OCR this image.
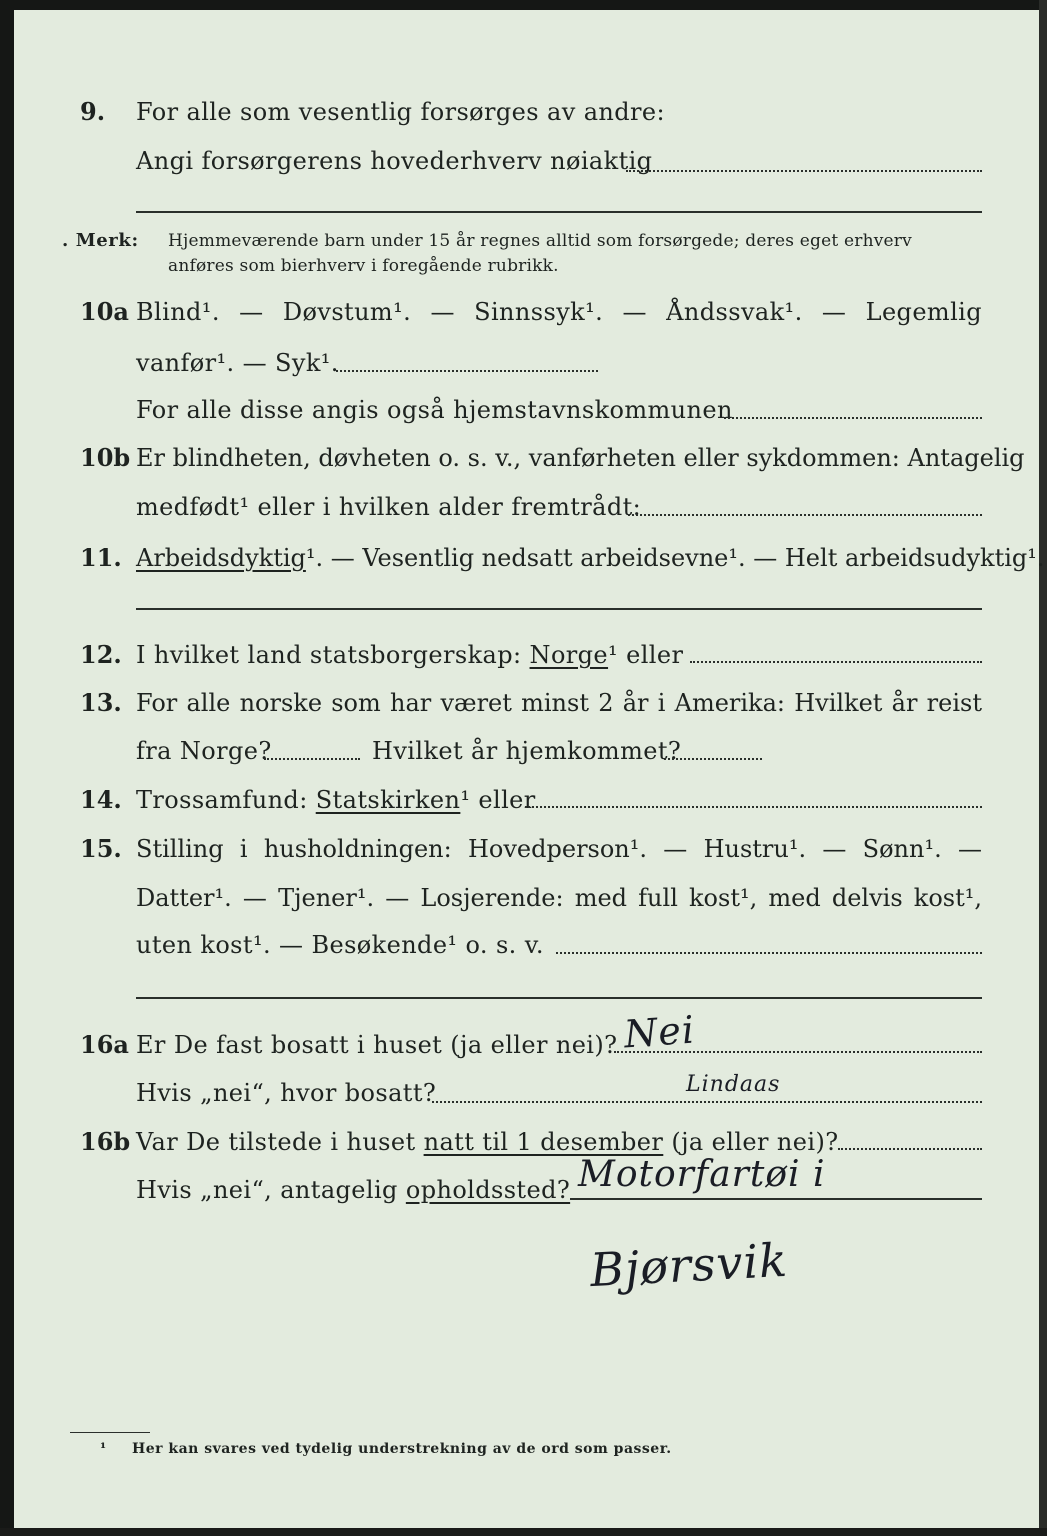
9. For alle som vesentlig forsørges av andre:
Angi forsørgerens hovederhverv nøiaktig
. Merk: Hjemmeværende barn under 15 år regnes alltid som forsørgede; deres eget erhverv
anføres som bierhverv i foregående rubrikk.
10a Blind¹. — Døvstum¹. — Sinnssyk¹. — Åndssvak¹. — Legemlig
vanfør¹. — Syk¹.
For alle disse angis også hjemstavnskommunen
10b Er blindheten, døvheten o. s. v., vanførheten eller sykdommen: Antagelig
medfødt¹ eller i hvilken alder fremtrådt:
11. Arbeidsdyktig¹. — Vesentlig nedsatt arbeidsevne¹. — Helt arbeidsudyktig¹.
12. I hvilket land statsborgerskap: Norge¹ eller
13. For alle norske som har været minst 2 år i Amerika: Hvilket år reist
fra Norge?	Hvilket år hjemkommet?
14. Trossamfund: Statskirken¹ eller
15. Stilling i husholdningen: Hovedperson¹. — Hustru¹. — Sønn¹. —
Datter¹. — Tjener¹. — Losjerende: med full kost¹, med delvis kost¹,
uten kost¹. — Besøkende¹ o. s. v.
16a Er De fast bosatt i huset (ja eller nei)? Nei
Hvis „nei“, hvor bosatt?	Lindaas
16b Var De tilstede i huset natt til 1 desember (ja eller nei)?
Hvis „nei“, antagelig opholdssted? Motorfartøi i
Bjørsvik
¹ Her kan svares ved tydelig understrekning av de ord som passer.
